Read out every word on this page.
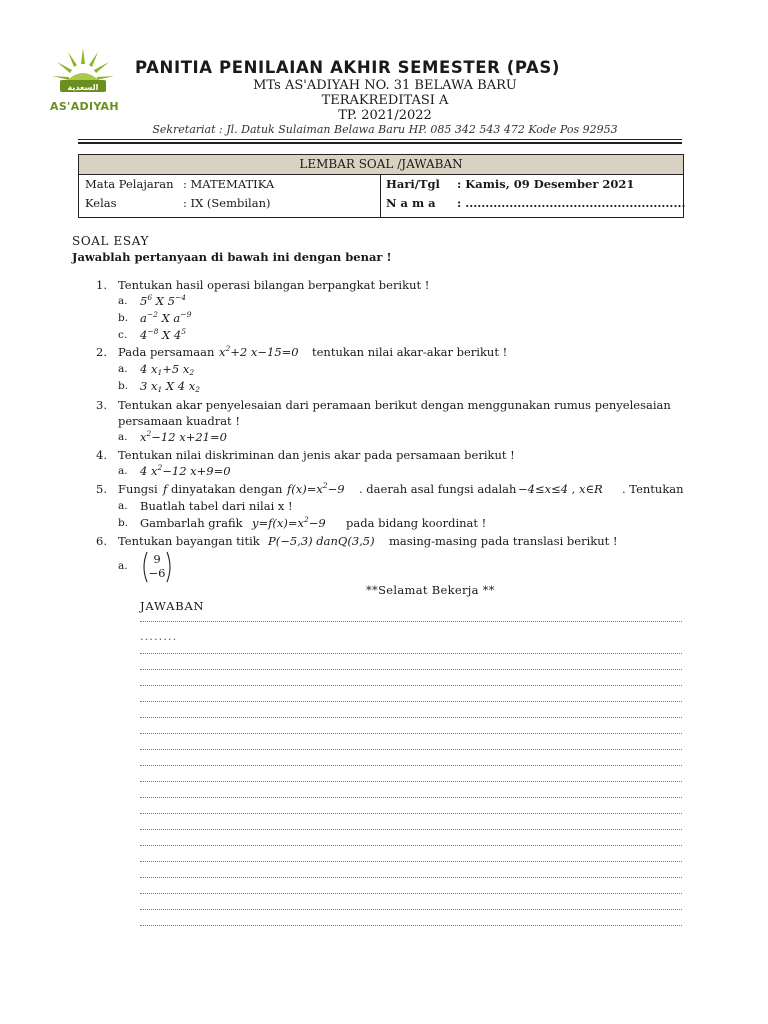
ﺍﻟﺴﻌﺪﻳﺔ
AS'ADIYAH
PANITIA PENILAIAN AKHIR SEMESTER (PAS)
MTs AS'ADIYAH NO. 31 BELAWA BARU
TERAKREDITASI A
TP. 2021/2022
Sekretariat : Jl. Datuk Sulaiman Belawa Baru HP. 085 342 543 472 Kode Pos 92953
LEMBAR SOAL /JAWABAN
Mata Pelajaran : MATEMATIKA
Kelas	: IX (Sembilan)
Hari/Tgl : Kamis, 09 Desember 2021
N a m a : .......................................................
SOAL ESAY
Jawablah pertanyaan di bawah ini dengan benar !
1. Tentukan hasil operasi bilangan berpangkat berikut !
a. $5^6$ X $5^{-4}$
b. $a^{-2}$ X $a^{-9}$
c. $4^{-8}$ X $4^5$
2. Pada persamaan $x^2+2$ x−15=0 tentukan nilai akar-akar berikut !
a. 4 $x_1+5$ $x_2$
b. 3 $x_1$ X 4 $x_2$
3. Tentukan akar penyelesaian dari peramaan berikut dengan menggunakan rumus penyelesaian
persamaan kuadrat !
a. $x^2-12$ x+21=0
4. Tentukan nilai diskriminan dan jenis akar pada persamaan berikut !
a. 4 $x^2-12$ x+9=0
5. Fungsi f dinyatakan dengan $f(x)=x^2-9$ . daerah asal fungsi adalah −4≤x≤4 , x∈R . Tentukan
a. Buatlah tabel dari nilai x !
b. Gambarlah grafik $y=f(x)=x^2-9$ pada bidang koordinat !
6. Tentukan bayangan titik P(−5,3) danQ(3,5) masing-masing pada translasi berikut !
a.	9
−6
**Selamat Bekerja **
JAWABAN
........
